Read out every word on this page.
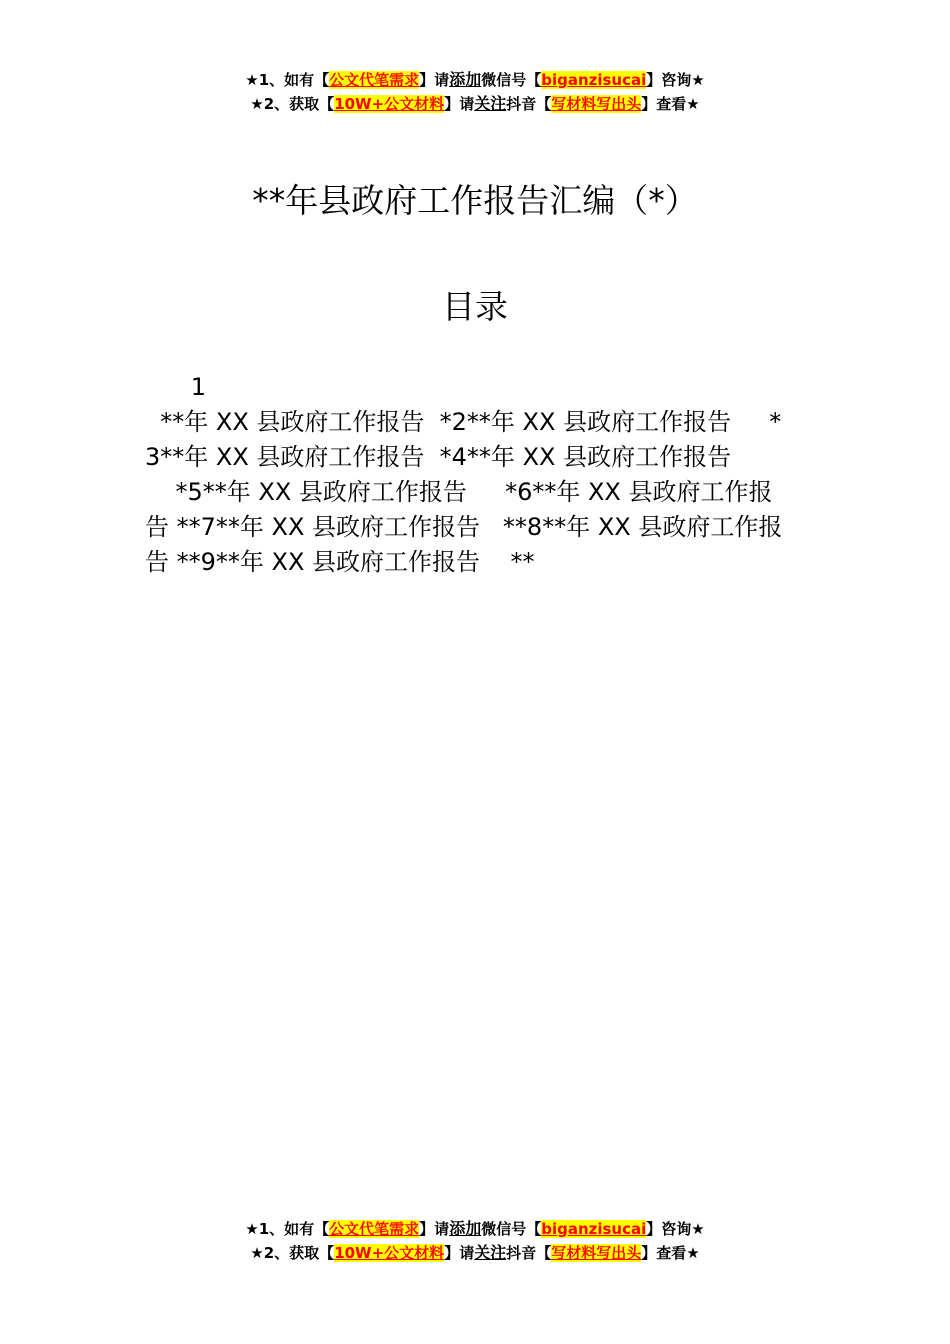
★1、如有【公文代笔需求】请添加微信号【biganzisucai】咨询★
★2、获取【10W+公文材料】请关注抖音【写材料写出头】查看★
**年县政府工作报告汇编（*）
目录
1
**年 XX 县政府工作报告  *2**年 XX 县政府工作报告     *
3**年 XX 县政府工作报告  *4**年 XX 县政府工作报告
*5**年 XX 县政府工作报告     *6**年 XX 县政府工作报
告 **7**年 XX 县政府工作报告   **8**年 XX 县政府工作报
告 **9**年 XX 县政府工作报告    **
★1、如有【公文代笔需求】请添加微信号【biganzisucai】咨询★
★2、获取【10W+公文材料】请关注抖音【写材料写出头】查看★
